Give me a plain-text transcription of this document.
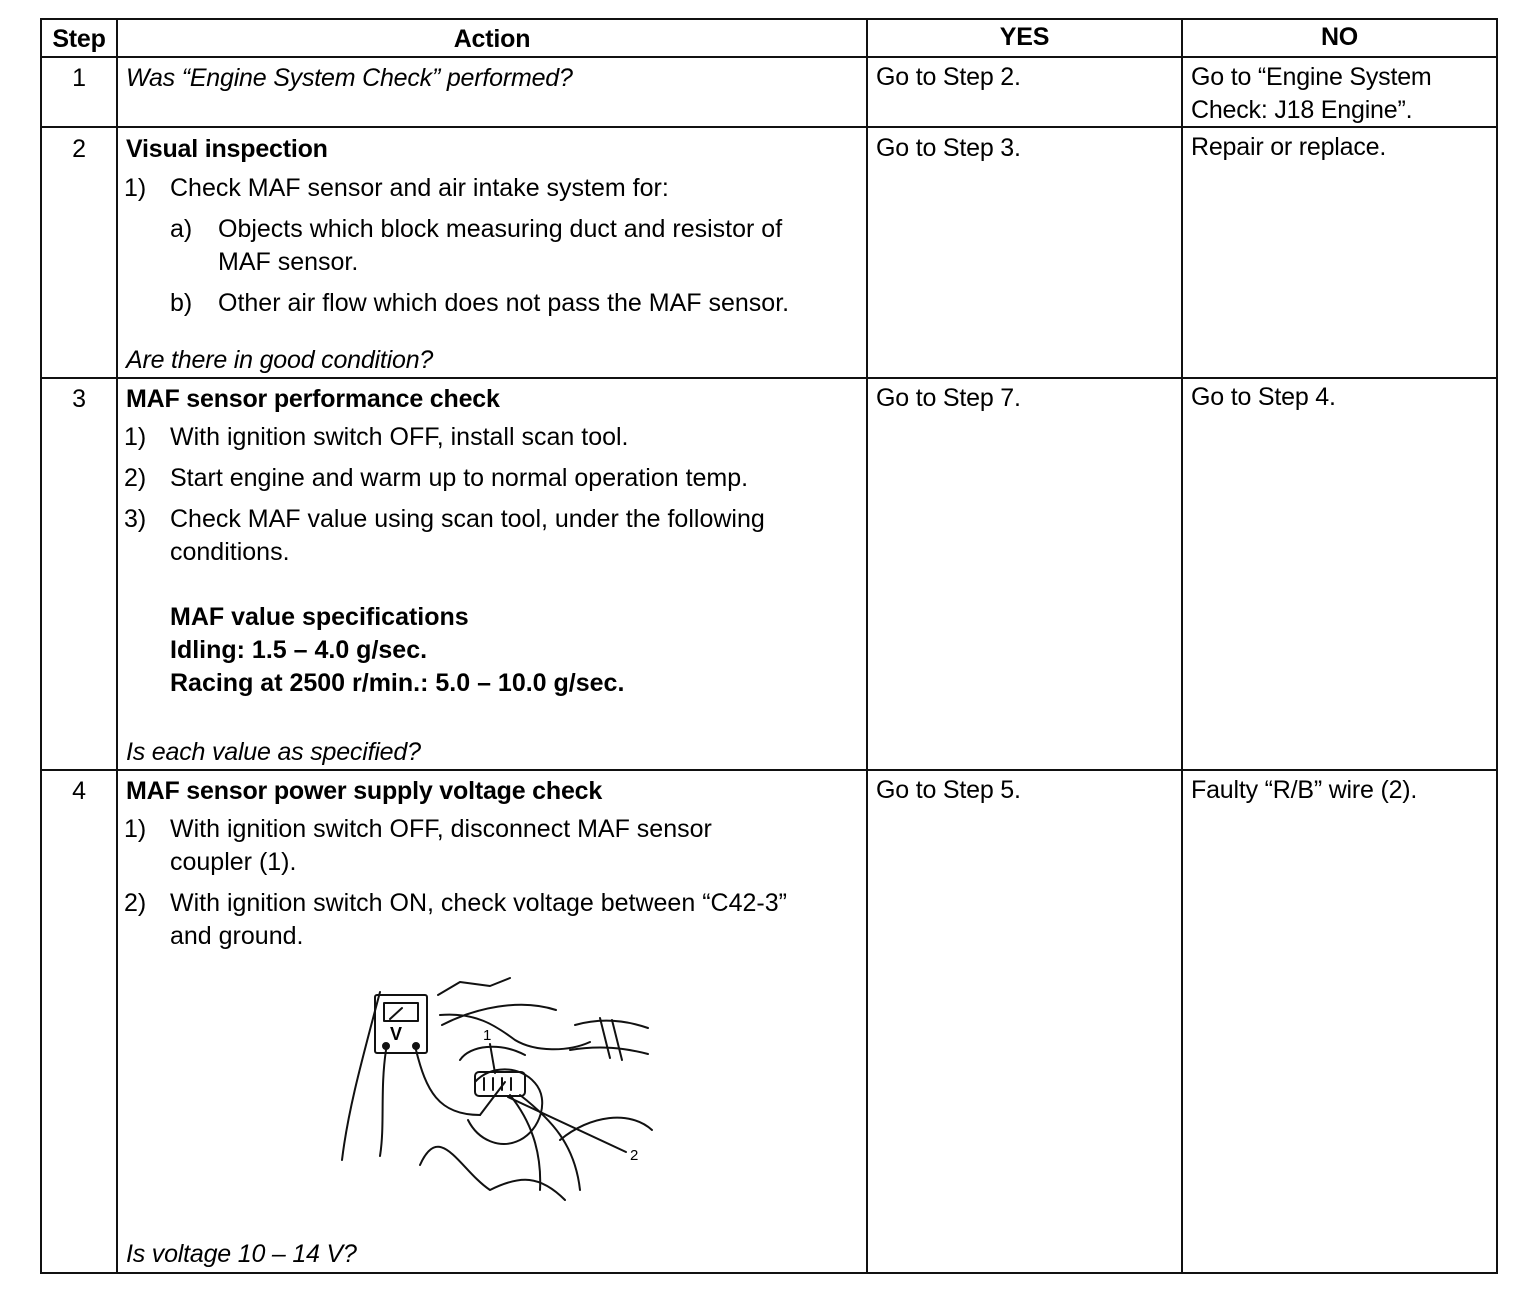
Step	Action	YES	NO
1	Was “Engine System Check” performed?	Go to Step 2.	Go to “Engine System
Check: J18 Engine”.
2	Visual inspection
1) Check MAF sensor and air intake system for:
a) Objects which block measuring duct and resistor of
MAF sensor.
b) Other air flow which does not pass the MAF sensor.
Are there in good condition?
Go to Step 3.	Repair or replace.
3	MAF sensor performance check
1) With ignition switch OFF, install scan tool.
2) Start engine and warm up to normal operation temp.
3) Check MAF value using scan tool, under the following
conditions.
MAF value specifications
Idling: 1.5 – 4.0 g/sec.
Racing at 2500 r/min.: 5.0 – 10.0 g/sec.
Is each value as specified?
Go to Step 7.	Go to Step 4.
4	MAF sensor power supply voltage check
1) With ignition switch OFF, disconnect MAF sensor
coupler (1).
2) With ignition switch ON, check voltage between “C42-3”
and ground.
V
2
1
Is voltage 10 – 14 V?
Go to Step 5.	Faulty “R/B” wire (2).
